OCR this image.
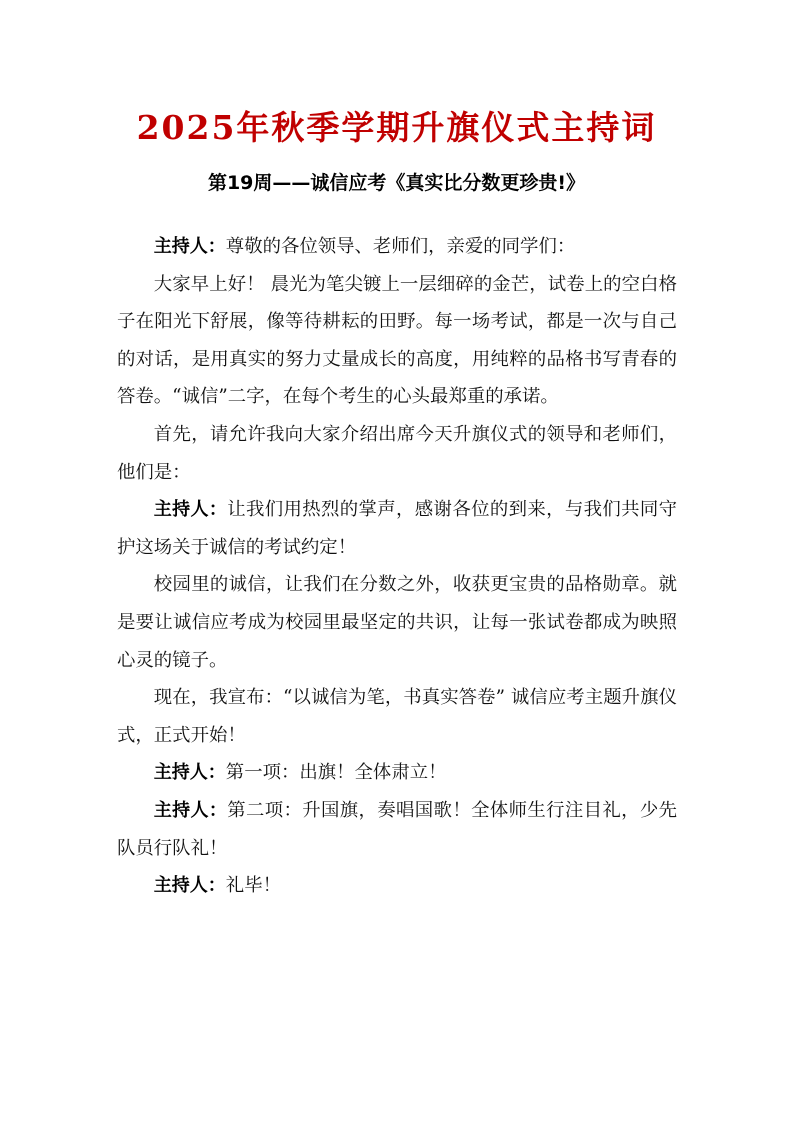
2025年秋季学期升旗仪式主持词
第19周——诚信应考《真实比分数更珍贵!》

主持人：尊敬的各位领导、老师们，亲爱的同学们：

大家早上好！ 晨光为笔尖镀上一层细碎的金芒，试卷上的空白格子在阳光下舒展，像等待耕耘的田野。每一场考试，都是一次与自己的对话，是用真实的努力丈量成长的高度，用纯粹的品格书写青春的答卷。“诚信”二字，在每个考生的心头最郑重的承诺。

首先，请允许我向大家介绍出席今天升旗仪式的领导和老师们，他们是：

主持人：让我们用热烈的掌声，感谢各位的到来，与我们共同守护这场关于诚信的考试约定！

校园里的诚信，让我们在分数之外，收获更宝贵的品格勋章。就是要让诚信应考成为校园里最坚定的共识，让每一张试卷都成为映照心灵的镜子。

现在，我宣布：“以诚信为笔，书真实答卷” 诚信应考主题升旗仪式，正式开始！

主持人：第一项：出旗！全体肃立！

主持人：第二项：升国旗，奏唱国歌！全体师生行注目礼，少先队员行队礼！

主持人：礼毕！
